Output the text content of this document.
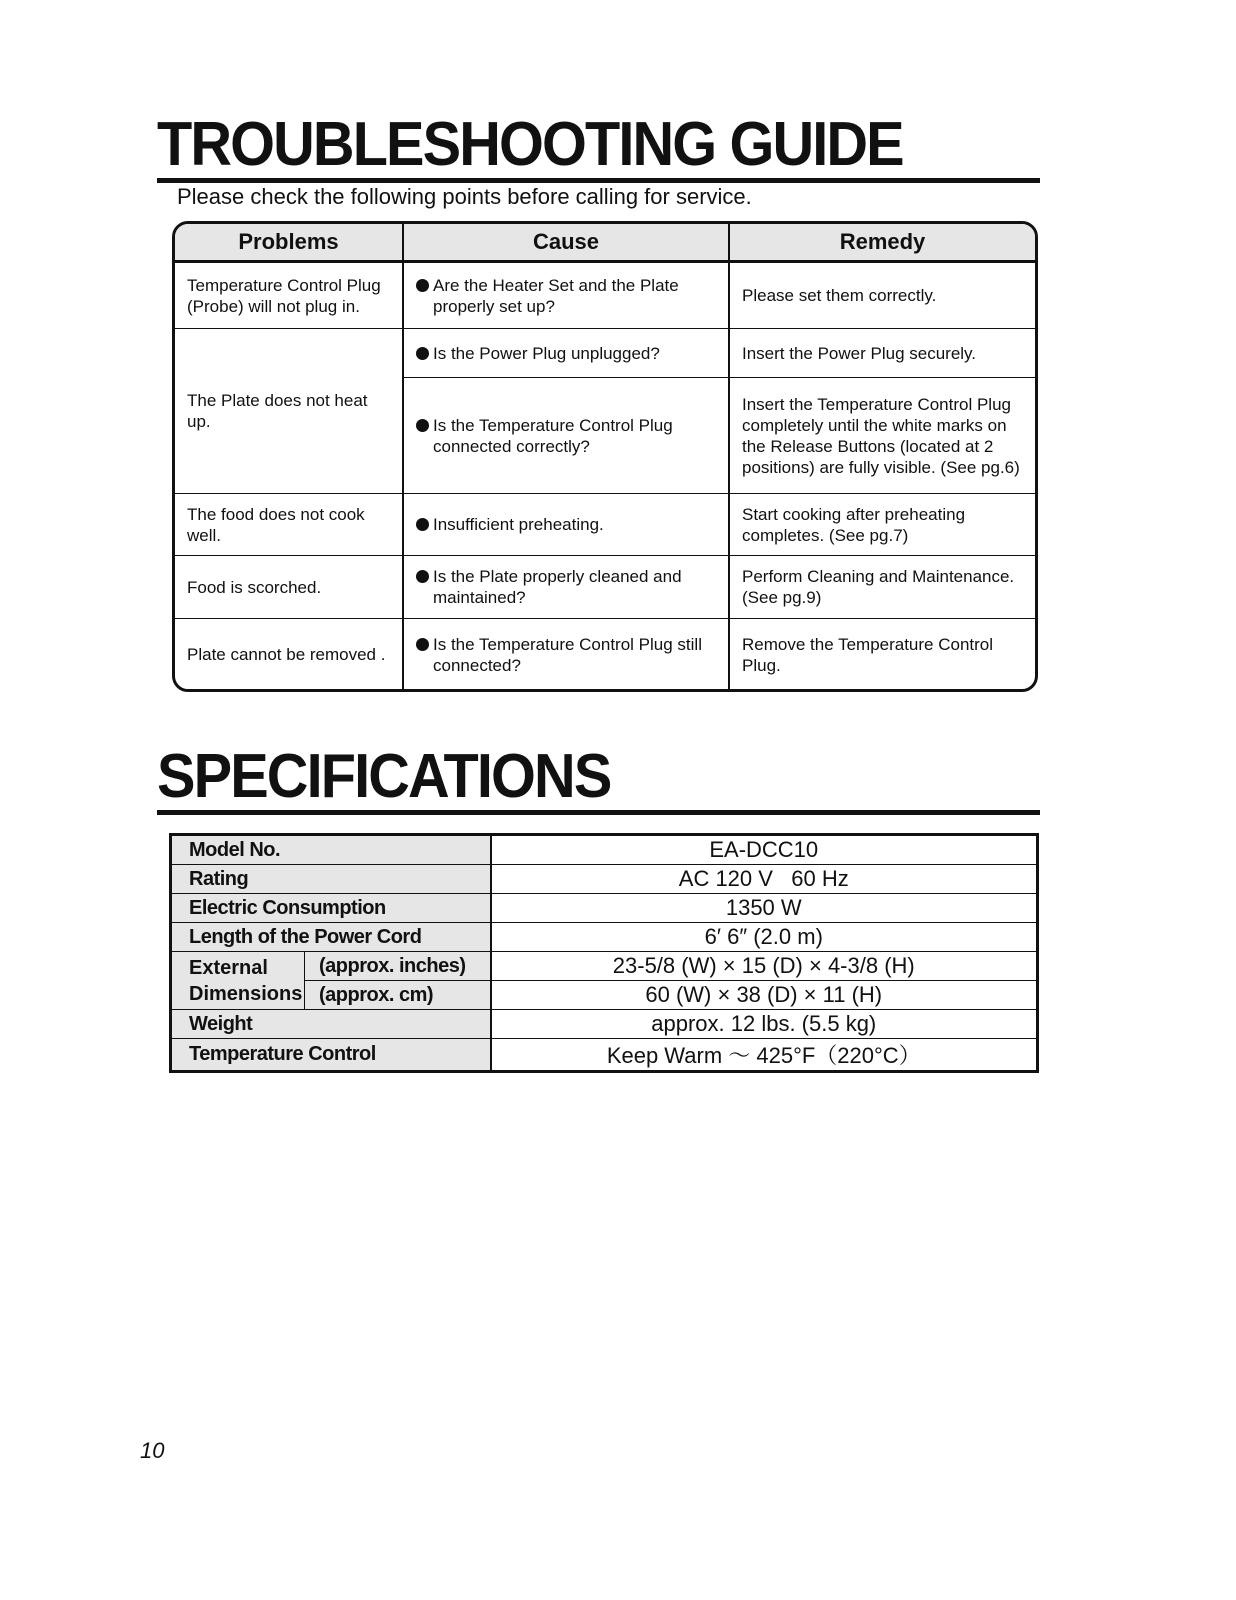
TROUBLESHOOTING GUIDE
Please check the following points before calling for service.
Problems	Cause	Remedy
Temperature Control Plug (Probe) will not plug in.	Are the Heater Set and the Plate properly set up?	Please set them correctly.
The Plate does not heat up.	Is the Power Plug unplugged?	Insert the Power Plug securely.

	Is the Temperature Control Plug connected correctly?	Insert the Temperature Control Plug completely until the white marks on the Release Buttons (located at 2 positions) are fully visible. (See pg.6)
The food does not cook well.	Insufficient preheating.	Start cooking after preheating completes. (See pg.7)
Food is scorched.	Is the Plate properly cleaned and maintained?	Perform Cleaning and Maintenance. (See pg.9)
Plate cannot be removed .	Is the Temperature Control Plug still connected?	Remove the Temperature Control Plug.
SPECIFICATIONS
Model No.		EA-DCC10
Rating		AC 120 V   60 Hz
Electric Consumption		1350 W
Length of the Power Cord		6′ 6″ (2.0 m)

External
Dimensions	(approx. inches)	23-5/8 (W) × 15 (D) × 4-3/8 (H)
	(approx. cm)	60 (W) × 38 (D) × 11 (H)
Weight		approx. 12 lbs. (5.5 kg)
Temperature Control		Keep Warm ～ 425°F（220°C）
10
